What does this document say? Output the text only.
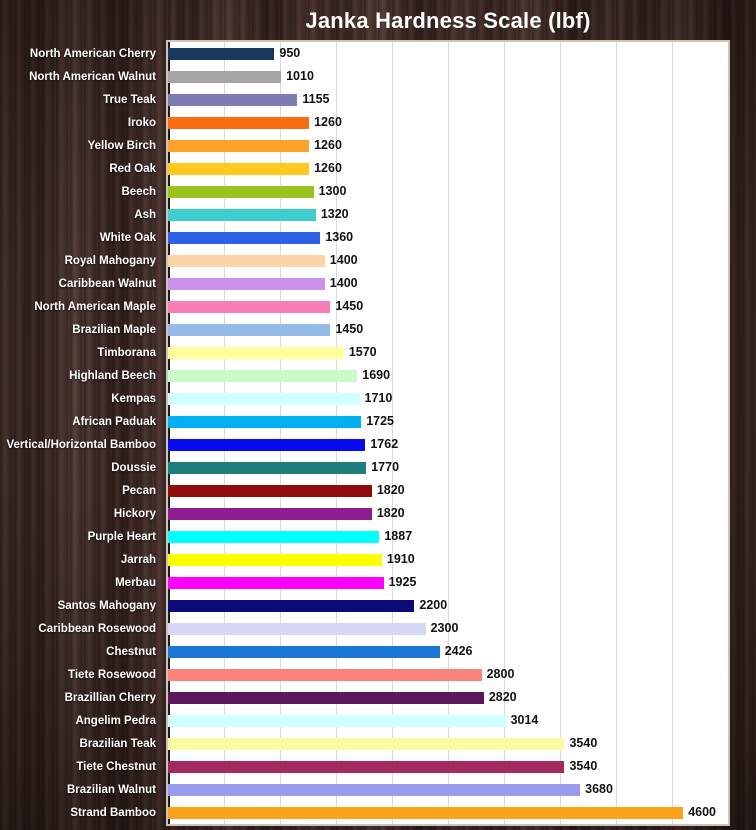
Janka Hardness Scale (lbf)
North American Cherry
North American Walnut
True Teak
Iroko
Yellow Birch
Red Oak
Beech
Ash
White Oak
Royal Mahogany
Caribbean Walnut
North American Maple
Brazilian Maple
Timborana
Highland Beech
Kempas
African Paduak
Vertical/Horizontal Bamboo
Doussie
Pecan
Hickory
Purple Heart
Jarrah
Merbau
Santos Mahogany
Caribbean Rosewood
Chestnut
Tiete Rosewood
Brazillian Cherry
Angelim Pedra
Brazilian Teak
Tiete Chestnut
Brazilian Walnut
Strand Bamboo
950
1010
1155
1260
1260
1260
1300
1320
1360
1400
1400
1450
1450
1570
1690
1710
1725
1762
1770
1820
1820
1887
1910
1925
2200
2300
2426
2800
2820
3014
3540
3540
3680
4600
